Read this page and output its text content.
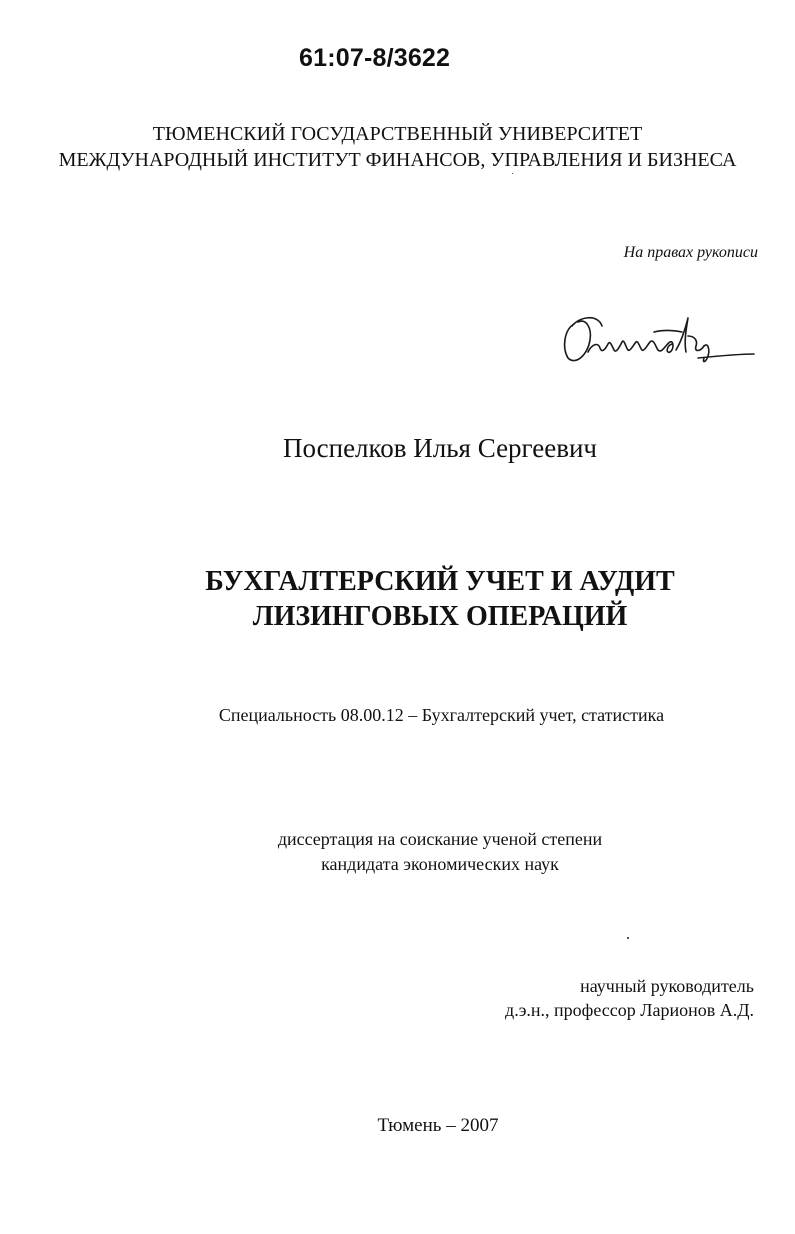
61:07-8/3622
ТЮМЕНСКИЙ ГОСУДАРСТВЕННЫЙ УНИВЕРСИТЕТ
МЕЖДУНАРОДНЫЙ ИНСТИТУТ ФИНАНСОВ, УПРАВЛЕНИЯ И БИЗНЕСА
На правах рукописи
Поспелков Илья Сергеевич
БУХГАЛТЕРСКИЙ УЧЕТ И АУДИТ
ЛИЗИНГОВЫХ ОПЕРАЦИЙ
Специальность 08.00.12 – Бухгалтерский учет, статистика
диссертация на соискание ученой степени
кандидата экономических наук
научный руководитель
д.э.н., профессор Ларионов А.Д.
Тюмень – 2007
